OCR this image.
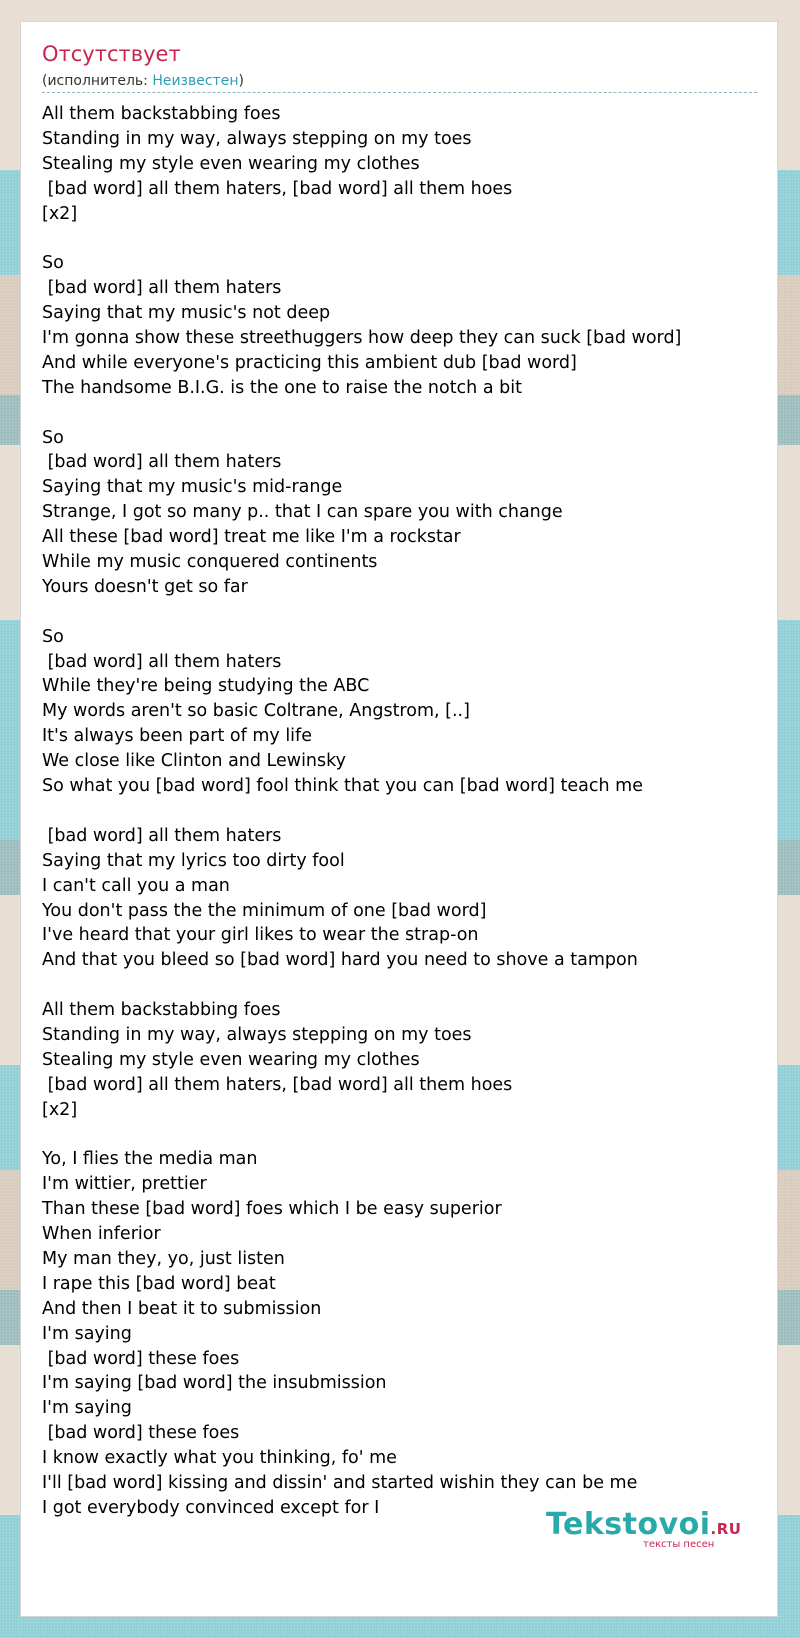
Отсутствует
(исполнитель: Неизвестен)
All them backstabbing foes
Standing in my way, always stepping on my toes
Stealing my style even wearing my clothes
[bad word] all them haters, [bad word] all them hoes
[x2]
So
[bad word] all them haters
Saying that my music's not deep
I'm gonna show these streethuggers how deep they can suck [bad word]
And while everyone's practicing this ambient dub [bad word]
The handsome B.I.G. is the one to raise the notch a bit
So
[bad word] all them haters
Saying that my music's mid-range
Strange, I got so many p.. that I can spare you with change
All these [bad word] treat me like I'm a rockstar
While my music conquered continents
Yours doesn't get so far
So
[bad word] all them haters
While they're being studying the ABC
My words aren't so basic Coltrane, Angstrom, [..]
It's always been part of my life
We close like Clinton and Lewinsky
So what you [bad word] fool think that you can [bad word] teach me
[bad word] all them haters
Saying that my lyrics too dirty fool
I can't call you a man
You don't pass the the minimum of one [bad word]
I've heard that your girl likes to wear the strap-on
And that you bleed so [bad word] hard you need to shove a tampon
All them backstabbing foes
Standing in my way, always stepping on my toes
Stealing my style even wearing my clothes
[bad word] all them haters, [bad word] all them hoes
[x2]
Yo, I flies the media man
I'm wittier, prettier
Than these [bad word] foes which I be easy superior
When inferior
My man they, yo, just listen
I rape this [bad word] beat
And then I beat it to submission
I'm saying
[bad word] these foes
I'm saying [bad word] the insubmission
I'm saying
[bad word] these foes
I know exactly what you thinking, fo' me
I'll [bad word] kissing and dissin' and started wishin they can be me
I got everybody convinced except for I	Tekstovoi.RU
тексты песен
